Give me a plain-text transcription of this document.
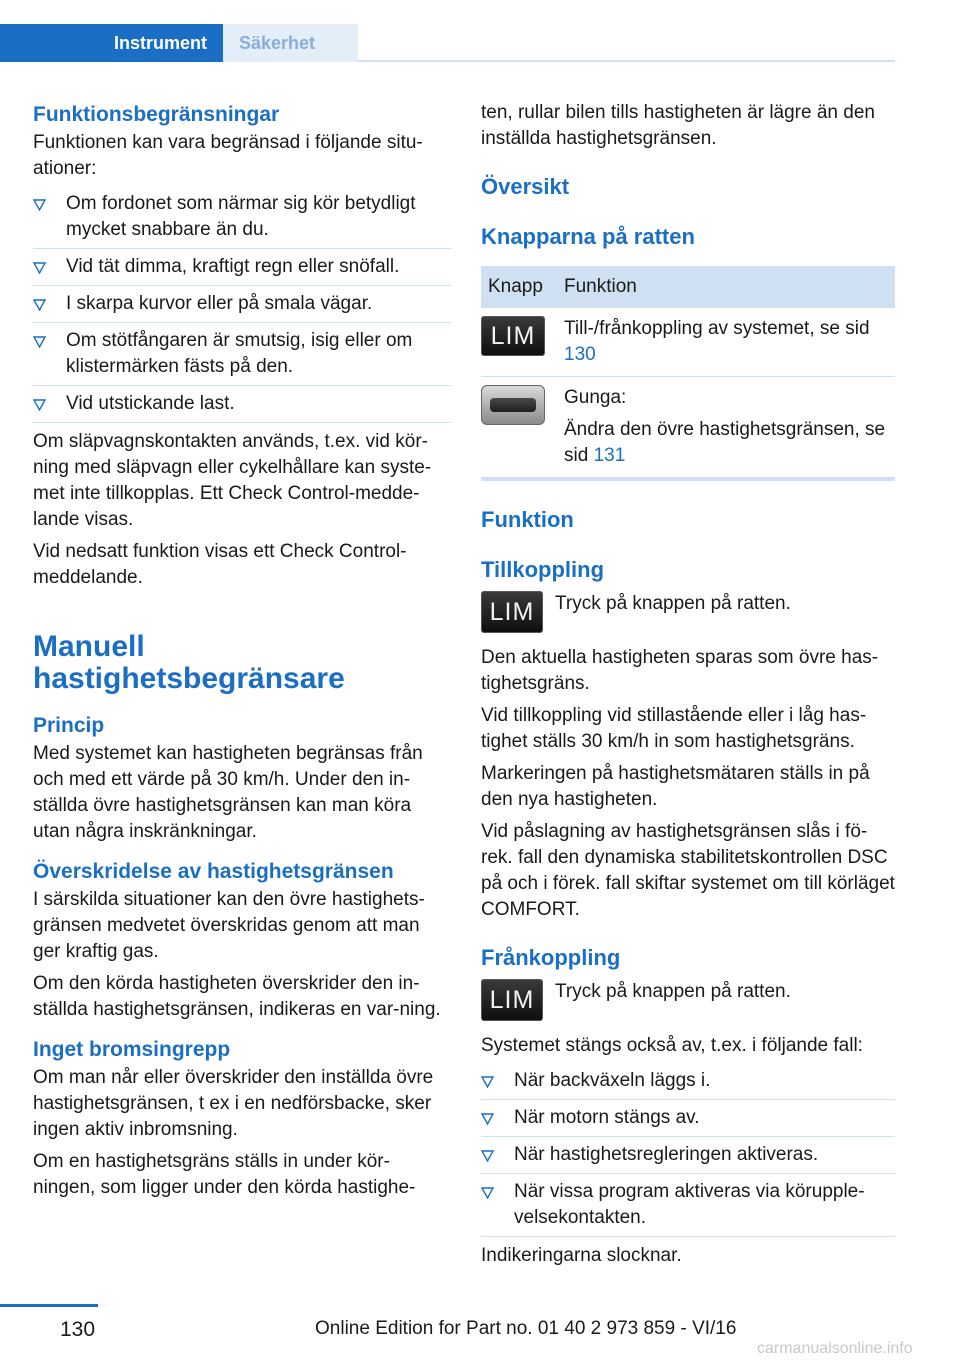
Instrument	Säkerhet
Funktionsbegränsningar
Funktionen kan vara begränsad i följande situ-ationer:
Om fordonet som närmar sig kör betydligt mycket snabbare än du.
Vid tät dimma, kraftigt regn eller snöfall.
I skarpa kurvor eller på smala vägar.
Om stötfångaren är smutsig, isig eller om klistermärken fästs på den.
Vid utstickande last.
Om släpvagnskontakten används, t.ex. vid kör-ning med släpvagn eller cykelhållare kan syste-met inte tillkopplas. Ett Check Control-medde-lande visas.
Vid nedsatt funktion visas ett Check Control-meddelande.
Manuell hastighetsbegränsare
Princip
Med systemet kan hastigheten begränsas från och med ett värde på 30 km/h. Under den in-ställda övre hastighetsgränsen kan man köra utan några inskränkningar.
Överskridelse av hastighetsgränsen
I särskilda situationer kan den övre hastighets-gränsen medvetet överskridas genom att man ger kraftig gas.
Om den körda hastigheten överskrider den in-ställda hastighetsgränsen, indikeras en var-ning.
Inget bromsingrepp
Om man når eller överskrider den inställda övre hastighetsgränsen, t ex i en nedförsbacke, sker ingen aktiv inbromsning.
Om en hastighetsgräns ställs in under kör-ningen, som ligger under den körda hastighe-
ten, rullar bilen tills hastigheten är lägre än den inställda hastighetsgränsen.
Översikt
Knapparna på ratten
Knapp	Funktion
LIM	Till-/frånkoppling av systemet, se sid 130
Gunga:
Ändra den övre hastighetsgränsen, se sid 131
Funktion
Tillkoppling
LIM	Tryck på knappen på ratten.
Den aktuella hastigheten sparas som övre has-tighetsgräns.
Vid tillkoppling vid stillastående eller i låg has-tighet ställs 30 km/h in som hastighetsgräns.
Markeringen på hastighetsmätaren ställs in på den nya hastigheten.
Vid påslagning av hastighetsgränsen slås i fö-rek. fall den dynamiska stabilitetskontrollen DSC på och i förek. fall skiftar systemet om till körläget COMFORT.
Frånkoppling
LIM	Tryck på knappen på ratten.
Systemet stängs också av, t.ex. i följande fall:
När backväxeln läggs i.
När motorn stängs av.
När hastighetsregleringen aktiveras.
När vissa program aktiveras via körupple-velsekontakten.
Indikeringarna slocknar.
130	Online Edition for Part no. 01 40 2 973 859 - VI/16
carmanualsonline.info
